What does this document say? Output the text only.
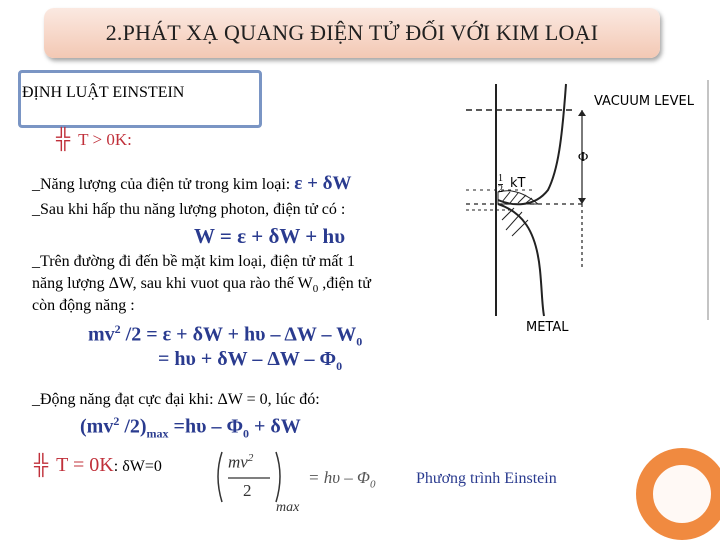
2.PHÁT XẠ QUANG ĐIỆN TỬ ĐỐI VỚI KIM LOẠI
ĐỊNH LUẬT EINSTEIN
╬ T > 0K:
_Năng lượng của điện tử trong kim loại: ε + δW
_Sau khi hấp thu năng lượng photon, điện tử có :
W = ε + δW + hυ
_Trên đường đi đến bề mặt kim loại, điện tử mất 1
năng lượng ΔW, sau khi vuot qua rào thế $W_0$ ,điện tử
còn động năng :
$mv^2$ $/2 = \varepsilon + \delta W + h\upsilon - \Delta W - W_0$
= $h\upsilon + \delta W - \Delta W - \Phi_0$
_Động năng đạt cực đại khi: ΔW = 0, lúc đó:
($mv^2$ $/2)_{max} =h\upsilon - \Phi_0 + \delta W$
╬ T = 0K: δW=0	$mv^2$
2
max
= hυ – $\Phi_0$	Phương trình Einstein
VACUUM LEVEL
Φ
$\frac{1}{2}$ kT
METAL
